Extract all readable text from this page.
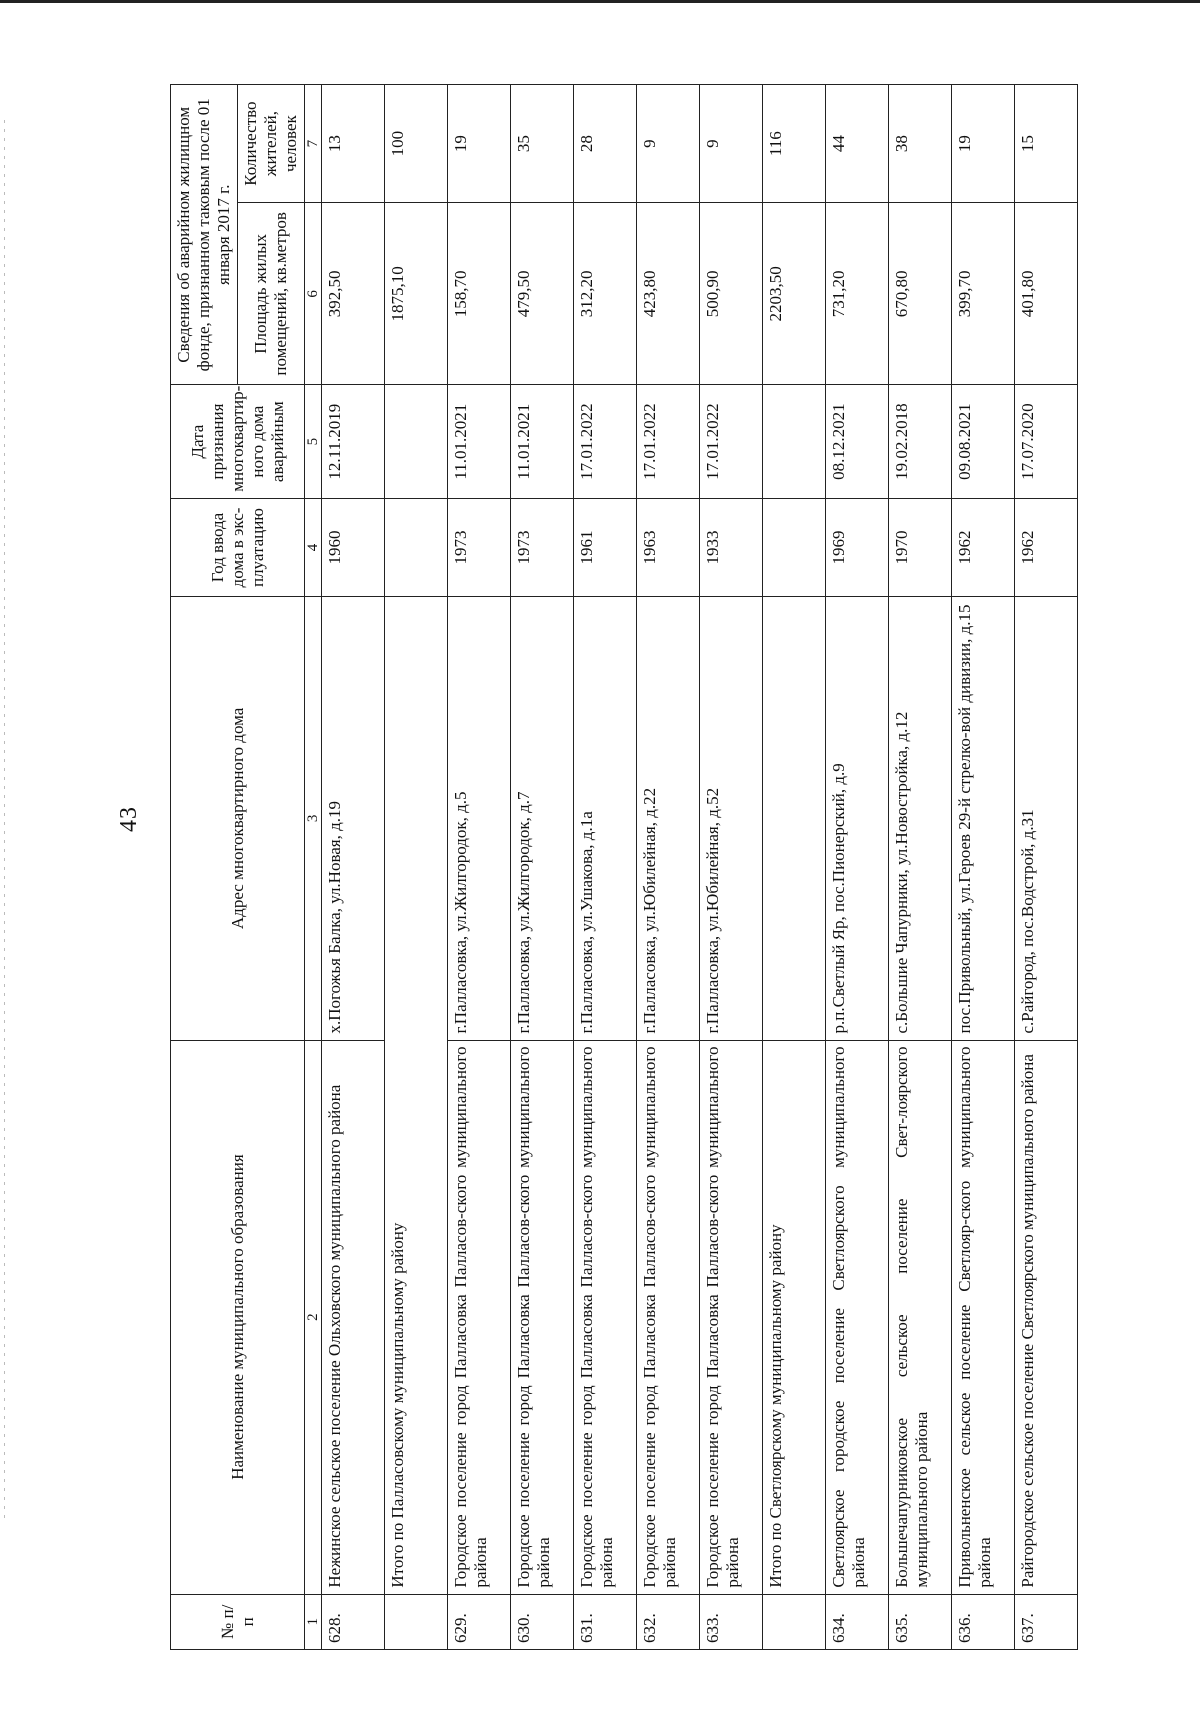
43
№ п/п	Наименование муниципального образования	Адрес многоквартирного дома	Год ввода дома в экс-плуатацию	Дата признания многоквартир-ного дома аварийным	Сведения об аварийном жилищном фонде, признанном таковым после 01 января 2017 г.	
					Площадь жилых помещений, кв.метров	Количество жителей, человек
1	2	3	4	5	6	7
628.	Нежинское сельское поселение Ольховского муниципального района	х.Погожья Балка, ул.Новая, д.19	1960	12.11.2019	392,50	13
	Итого по Палласовскому муниципальному району				1875,10	100
629.	Городское поселение город Палласовка Палласов-ского муниципального района	г.Палласовка, ул.Жилгородок, д.5	1973	11.01.2021	158,70	19
630.	Городское поселение город Палласовка Палласов-ского муниципального района	г.Палласовка, ул.Жилгородок, д.7	1973	11.01.2021	479,50	35
631.	Городское поселение город Палласовка Палласов-ского муниципального района	г.Палласовка, ул.Ушакова, д.1а	1961	17.01.2022	312,20	28
632.	Городское поселение город Палласовка Палласов-ского муниципального района	г.Палласовка, ул.Юбилейная, д.22	1963	17.01.2022	423,80	9
633.	Городское поселение город Палласовка Палласов-ского муниципального района	г.Палласовка, ул.Юбилейная, д.52	1933	17.01.2022	500,90	9
	Итого по Светлоярскому муниципальному району				2203,50	116
634.	Светлоярское городское поселение Светлоярского муниципального района	р.п.Светлый Яр, пос.Пионерский, д.9	1969	08.12.2021	731,20	44
635.	Большечапурниковское сельское поселение Свет-лоярского муниципального района	с.Большие Чапурники, ул.Новостройка, д.12	1970	19.02.2018	670,80	38
636.	Привольненское сельское поселение Светлояр-ского муниципального района	пос.Привольный, ул.Героев 29-й стрелко-вой дивизии, д.15	1962	09.08.2021	399,70	19
637.	Райгородское сельское поселение Светлоярского муниципального района	с.Райгород, пос.Водстрой, д.31	1962	17.07.2020	401,80	15
